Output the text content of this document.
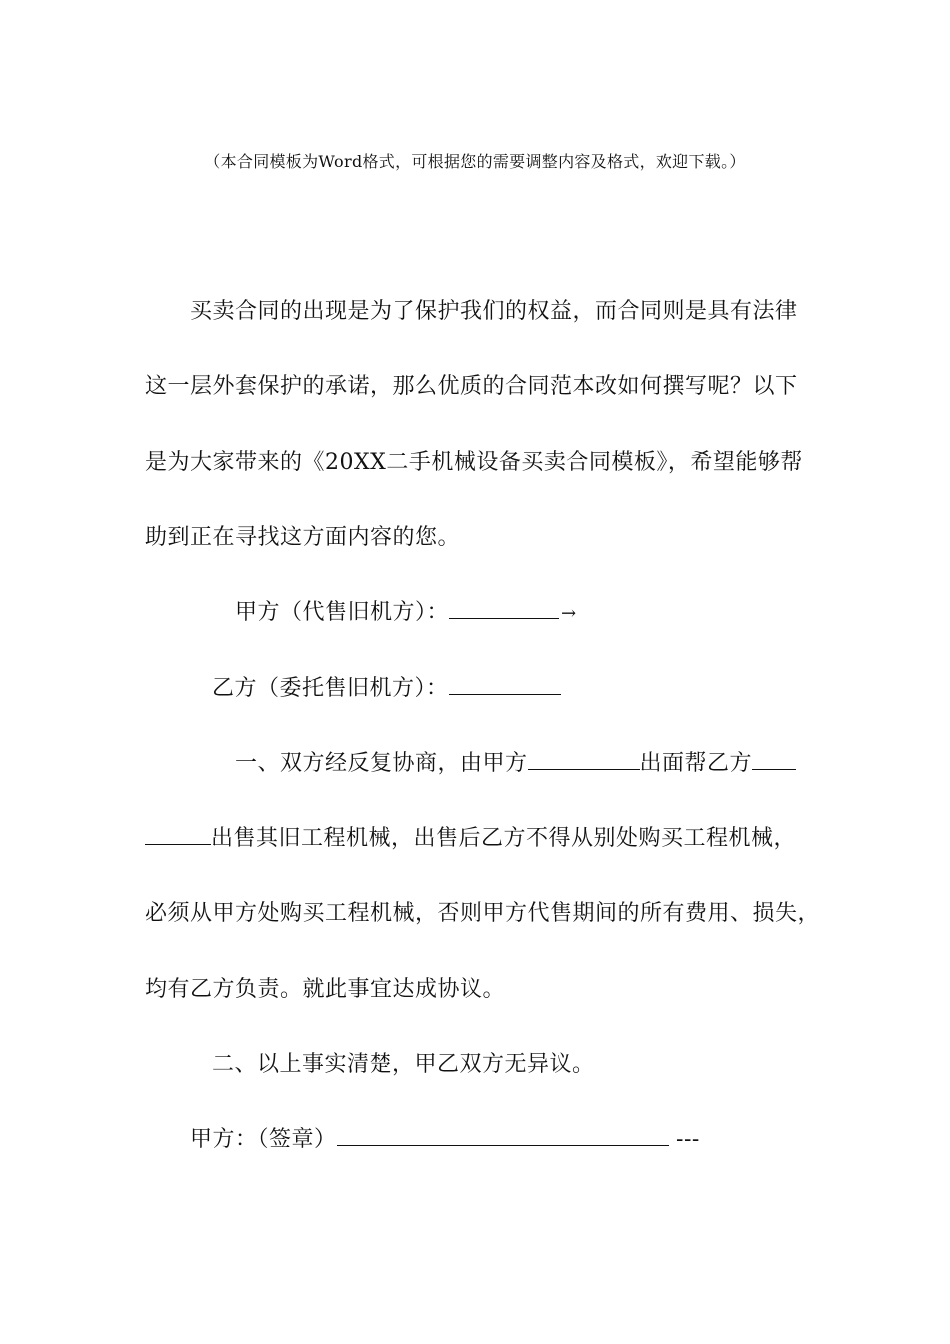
（本合同模板为Word格式，可根据您的需要调整内容及格式，欢迎下载。）
买卖合同的出现是为了保护我们的权益，而合同则是具有法律
这一层外套保护的承诺，那么优质的合同范本改如何撰写呢？以下
是为大家带来的《20XX二手机械设备买卖合同模板》，希望能够帮
助到正在寻找这方面内容的您。
甲方（代售旧机方）：	→
乙方（委托售旧机方）：
一、双方经反复协商，由甲方	出面帮乙方
出售其旧工程机械，出售后乙方不得从别处购买工程机械，
必须从甲方处购买工程机械，否则甲方代售期间的所有费用、损失，
均有乙方负责。就此事宜达成协议。
二、以上事实清楚，甲乙双方无异议。
甲方：（签章）	---
